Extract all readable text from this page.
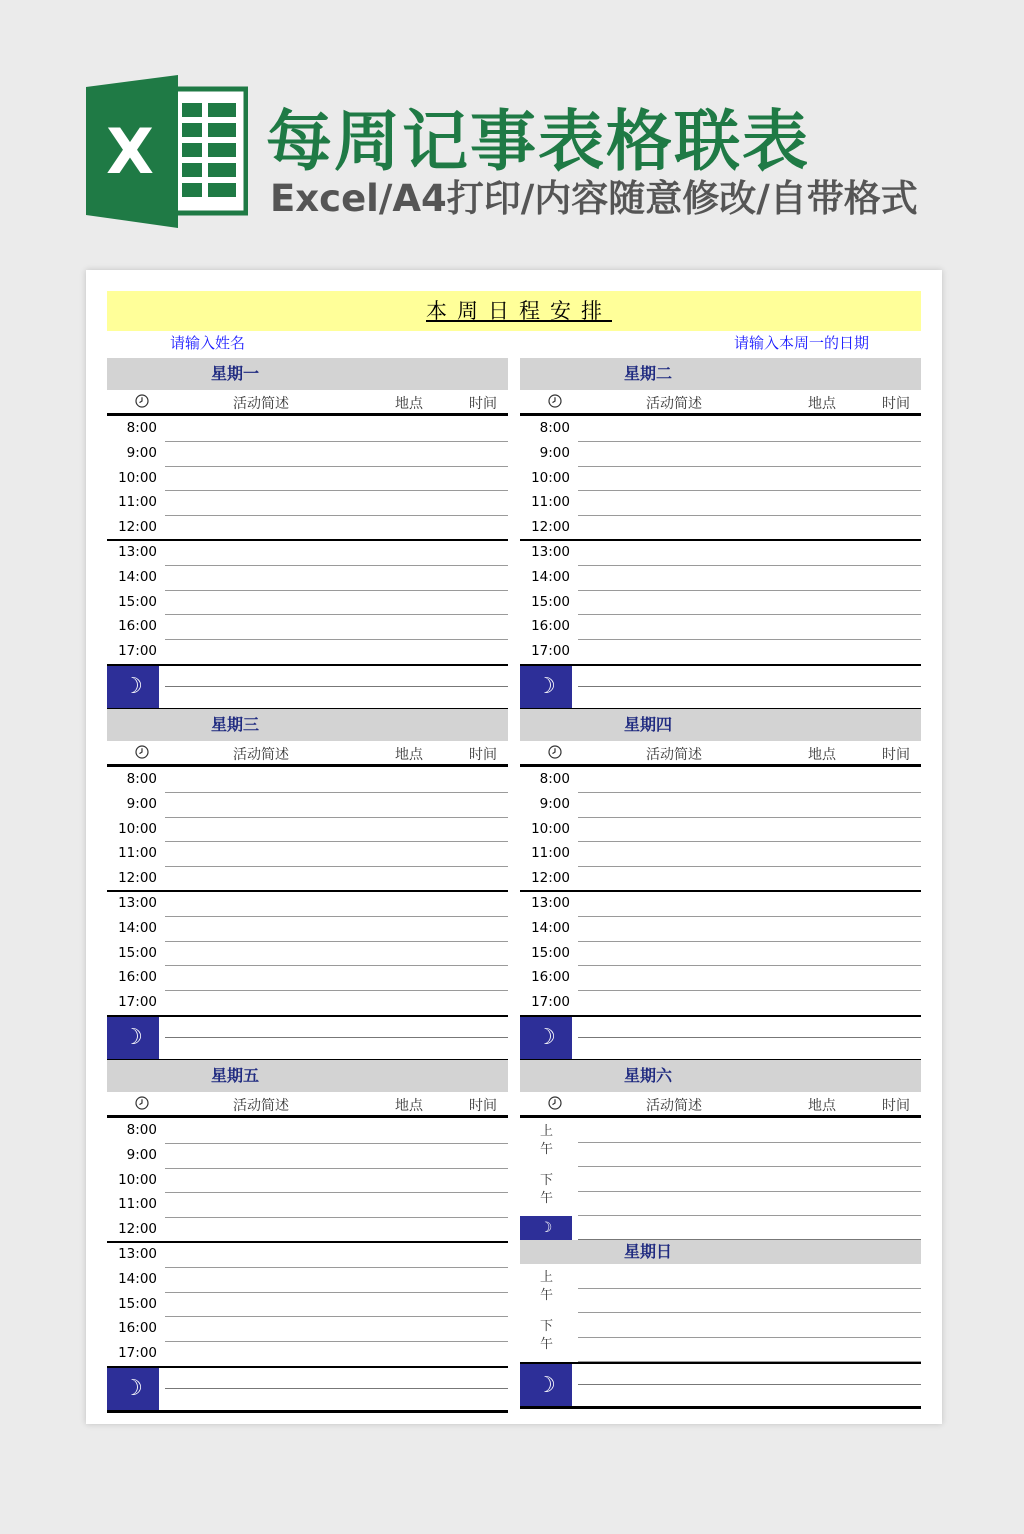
X 每周记事表格联表
Excel/A4打印/内容随意修改/自带格式
本周日程安排
请输入姓名	请输入本周一的日期
星期一
活动简述	地点	时间
8:00
9:00
10:00
11:00
12:00
13:00
14:00
15:00
16:00
17:00
☽
星期二
活动简述	地点	时间
8:00
9:00
10:00
11:00
12:00
13:00
14:00
15:00
16:00
17:00
☽
星期三
活动简述	地点	时间
8:00
9:00
10:00
11:00
12:00
13:00
14:00
15:00
16:00
17:00
☽
星期四
活动简述	地点	时间
8:00
9:00
10:00
11:00
12:00
13:00
14:00
15:00
16:00
17:00
☽
星期五
活动简述	地点	时间
8:00
9:00
10:00
11:00
12:00
13:00
14:00
15:00
16:00
17:00
☽
星期六
活动简述	地点	时间
上午
下午
☽
星期日
上午
下午
☽
